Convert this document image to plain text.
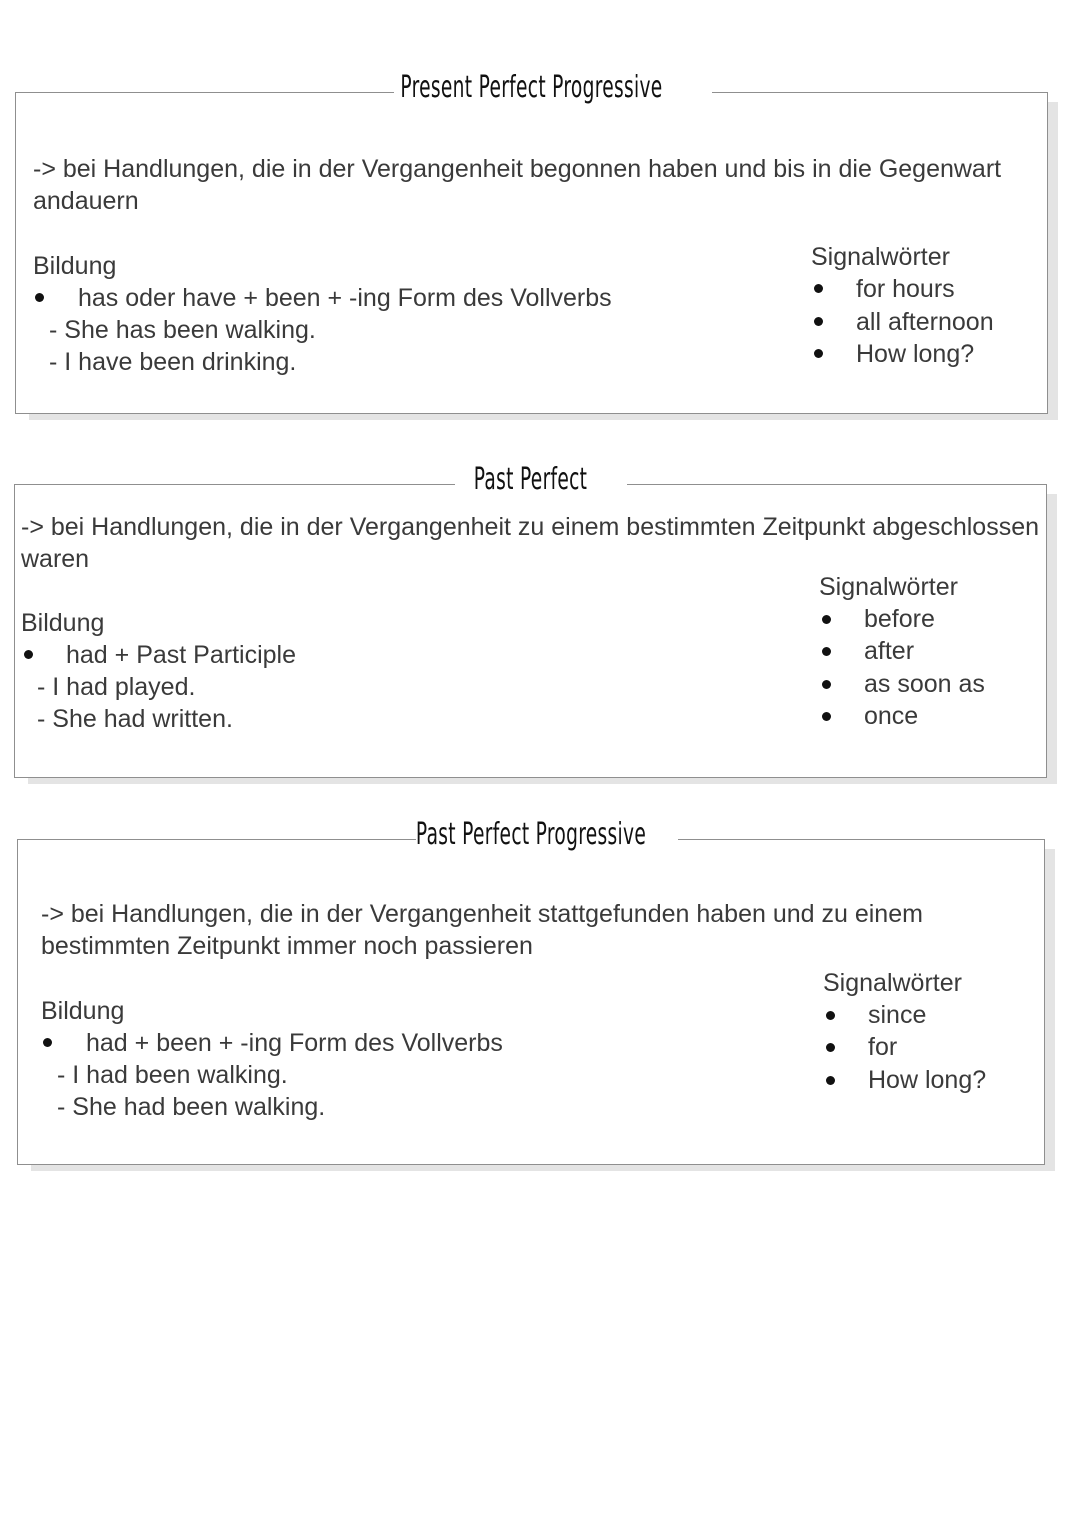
Present Perfect Progressive
-> bei Handlungen, die in der Vergangenheit begonnen haben und bis in die Gegenwart andauern
Bildung
has oder have + been + -ing Form des Vollverbs
- She has been walking.
- I have been drinking.
Signalwörter
for hours
all afternoon
How long?
Past Perfect
-> bei Handlungen, die in der Vergangenheit zu einem bestimmten Zeitpunkt abgeschlossen waren
Bildung
had + Past Participle
- I had played.
- She had written.
Signalwörter
before
after
as soon as
once
Past Perfect Progressive
-> bei Handlungen, die in der Vergangenheit stattgefunden haben und zu einem bestimmten Zeitpunkt immer noch passieren
Bildung
had + been + -ing Form des Vollverbs
- I had been walking.
- She had been walking.
Signalwörter
since
for
How long?
